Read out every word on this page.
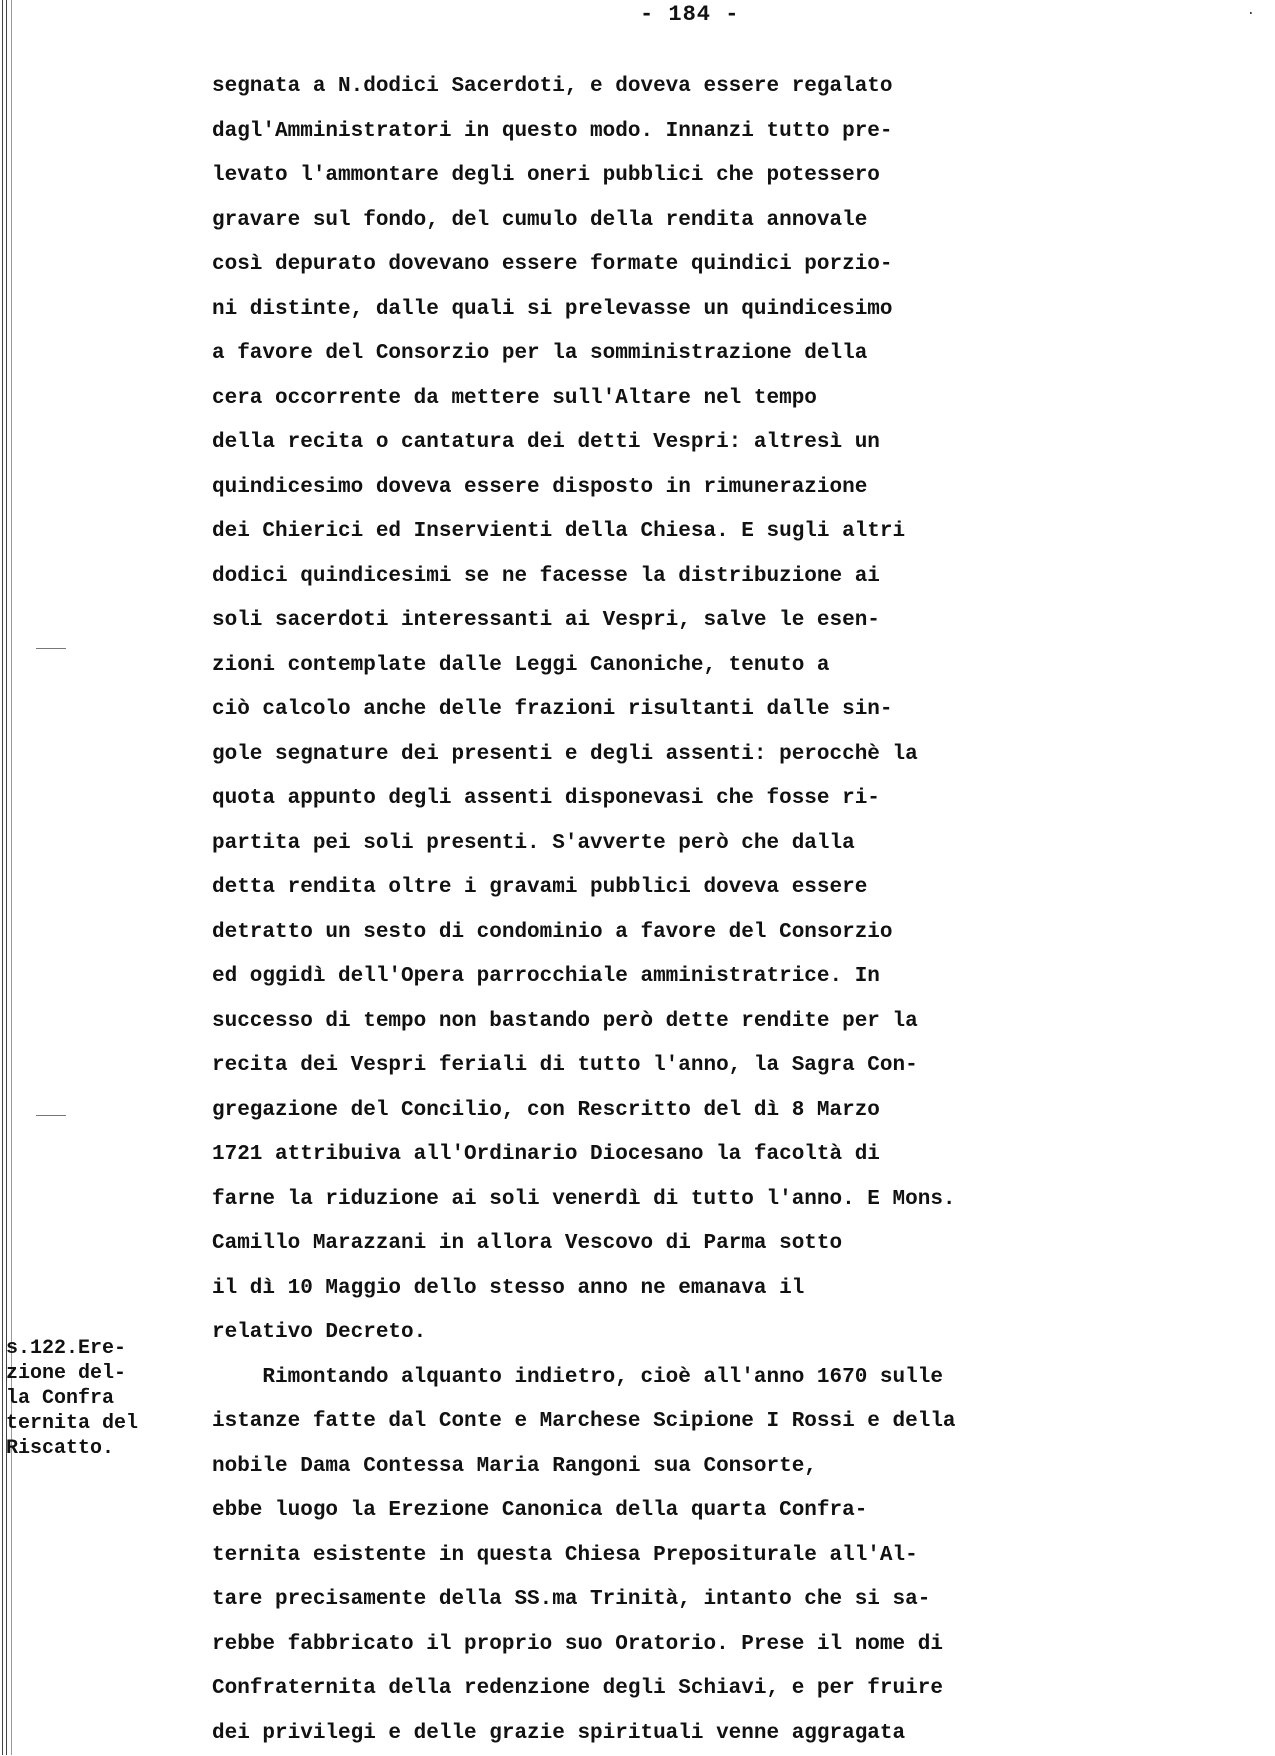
·
- 184 -
segnata a N.dodici Sacerdoti, e doveva essere regalato
dagl'Amministratori in questo modo. Innanzi tutto pre-
levato l'ammontare degli oneri pubblici che potessero
gravare sul fondo, del cumulo della rendita annovale
così depurato dovevano essere formate quindici porzio-
ni distinte, dalle quali si prelevasse un quindicesimo
a favore del Consorzio per la somministrazione della
cera occorrente da mettere sull'Altare nel tempo
della recita o cantatura dei detti Vespri: altresì un
quindicesimo doveva essere disposto in rimunerazione
dei Chierici ed Inservienti della Chiesa. E sugli altri
dodici quindicesimi se ne facesse la distribuzione ai
soli sacerdoti interessanti ai Vespri, salve le esen-
zioni contemplate dalle Leggi Canoniche, tenuto a
ciò calcolo anche delle frazioni risultanti dalle sin-
gole segnature dei presenti e degli assenti: perocchè la
quota appunto degli assenti disponevasi che fosse ri-
partita pei soli presenti. S'avverte però che dalla
detta rendita oltre i gravami pubblici doveva essere
detratto un sesto di condominio a favore del Consorzio
ed oggidì dell'Opera parrocchiale amministratrice. In
successo di tempo non bastando però dette rendite per la
recita dei Vespri feriali di tutto l'anno, la Sagra Con-
gregazione del Concilio, con Rescritto del dì 8 Marzo
1721 attribuiva all'Ordinario Diocesano la facoltà di
farne la riduzione ai soli venerdì di tutto l'anno. E Mons.
Camillo Marazzani in allora Vescovo di Parma sotto
il dì 10 Maggio dello stesso anno ne emanava il
relativo Decreto.
Rimontando alquanto indietro, cioè all'anno 1670 sulle
istanze fatte dal Conte e Marchese Scipione I Rossi e della
nobile Dama Contessa Maria Rangoni sua Consorte,
ebbe luogo la Erezione Canonica della quarta Confra-
ternita esistente in questa Chiesa Prepositurale all'Al-
tare precisamente della SS.ma Trinità, intanto che si sa-
rebbe fabbricato il proprio suo Oratorio. Prese il nome di
Confraternita della redenzione degli Schiavi, e per fruire
dei privilegi e delle grazie spirituali venne aggragata
s.122.Ere-
zione del-
la Confra
ternita del
Riscatto.
